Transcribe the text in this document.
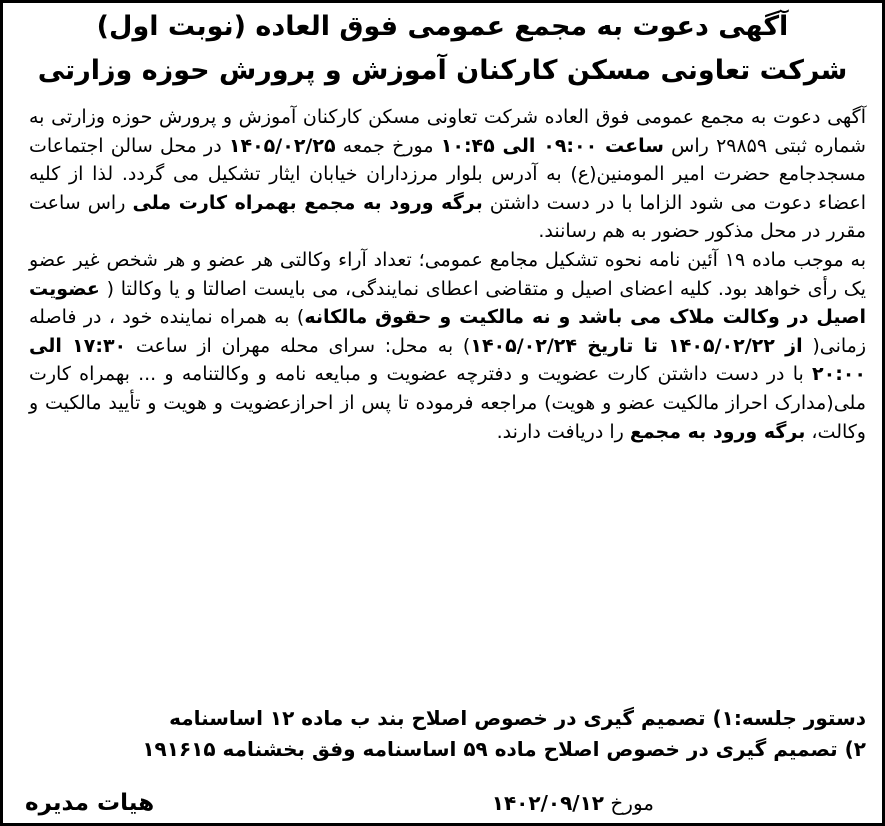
آگهی دعوت به مجمع عمومی فوق العاده (نوبت اول)
شرکت تعاونی مسکن کارکنان آموزش و پرورش حوزه وزارتی

آگهی دعوت به مجمع عمومی فوق العاده شرکت تعاونی مسکن کارکنان آموزش و پرورش حوزه وزارتی به شماره ثبتی ۲۹۸۵۹ راس ساعت ۰۹:۰۰ الی ۱۰:۴۵ مورخ جمعه ۱۴۰۵/۰۲/۲۵ در محل سالن اجتماعات مسجدجامع حضرت امیر المومنین(ع) به آدرس بلوار مرزداران خیابان ایثار تشکیل می گردد. لذا از کلیه اعضاء دعوت می شود الزاما با در دست داشتن برگه ورود به مجمع بهمراه کارت ملی راس ساعت مقرر در محل مذکور حضور به هم رسانند.

به موجب ماده ۱۹ آئین نامه نحوه تشکیل مجامع عمومی؛ تعداد آراء وکالتی هر عضو و هر شخص غیر عضو یک رأی خواهد بود. کلیه اعضای اصیل و متقاضی اعطای نمایندگی، می بایست اصالتا و یا وکالتا ( عضویت اصیل در وکالت ملاک می باشد و نه مالکیت و حقوق مالکانه) به همراه نماینده خود ، در فاصله زمانی( از ۱۴۰۵/۰۲/۲۲ تا تاریخ ۱۴۰۵/۰۲/۲۴) به محل: سرای محله مهران از ساعت ۱۷:۳۰ الی ۲۰:۰۰ با در دست داشتن کارت عضویت و دفترچه عضویت و مبایعه نامه و وکالتنامه و ... بهمراه کارت ملی(مدارک احراز مالکیت عضو و هویت) مراجعه فرموده تا پس از احرازعضویت و هویت و تأیید مالکیت و وکالت، برگه ورود به مجمع را دریافت دارند.

دستور جلسه:۱) تصمیم گیری در خصوص اصلاح بند ب ماده ۱۲ اساسنامه
۲) تصمیم گیری در خصوص اصلاح ماده ۵۹ اساسنامه وفق بخشنامه ۱۹۱۶۱۵
مورخ ۱۴۰۲/۰۹/۱۲
هیات مدیره
